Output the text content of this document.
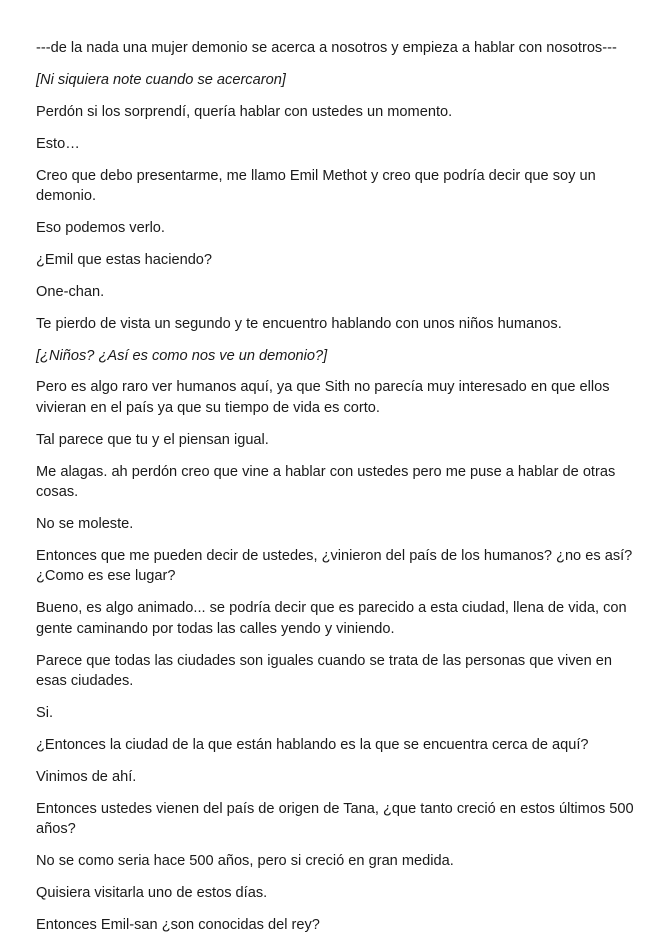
---de la nada una mujer demonio se acerca a nosotros y empieza a hablar con nosotros---

[Ni siquiera note cuando se acercaron]

Perdón si los sorprendí, quería hablar con ustedes un momento.

Esto…

Creo que debo presentarme, me llamo Emil Methot y creo que podría decir que soy un demonio.

Eso podemos verlo.

¿Emil que estas haciendo?

One-chan.

Te pierdo de vista un segundo y te encuentro hablando con unos niños humanos.

[¿Niños? ¿Así es como nos ve un demonio?]

Pero es algo raro ver humanos aquí, ya que Sith no parecía muy interesado en que ellos vivieran en el país ya que su tiempo de vida es corto.

Tal parece que tu y el piensan igual.

Me alagas. ah perdón creo que vine a hablar con ustedes pero me puse a hablar de otras cosas.

No se moleste.

Entonces que me pueden decir de ustedes, ¿vinieron del país de los humanos? ¿no es así? ¿Como es ese lugar?

Bueno, es algo animado... se podría decir que es parecido a esta ciudad, llena de vida, con gente caminando por todas las calles yendo y viniendo.

Parece que todas las ciudades son iguales cuando se trata de las personas que viven en esas ciudades.

Si.

¿Entonces la ciudad de la que están hablando es la que se encuentra cerca de aquí?

Vinimos de ahí.

Entonces ustedes vienen del país de origen de Tana, ¿que tanto creció en estos últimos 500 años?

No se como seria hace 500 años, pero si creció en gran medida.

Quisiera visitarla uno de estos días.

Entonces Emil-san ¿son conocidas del rey?
